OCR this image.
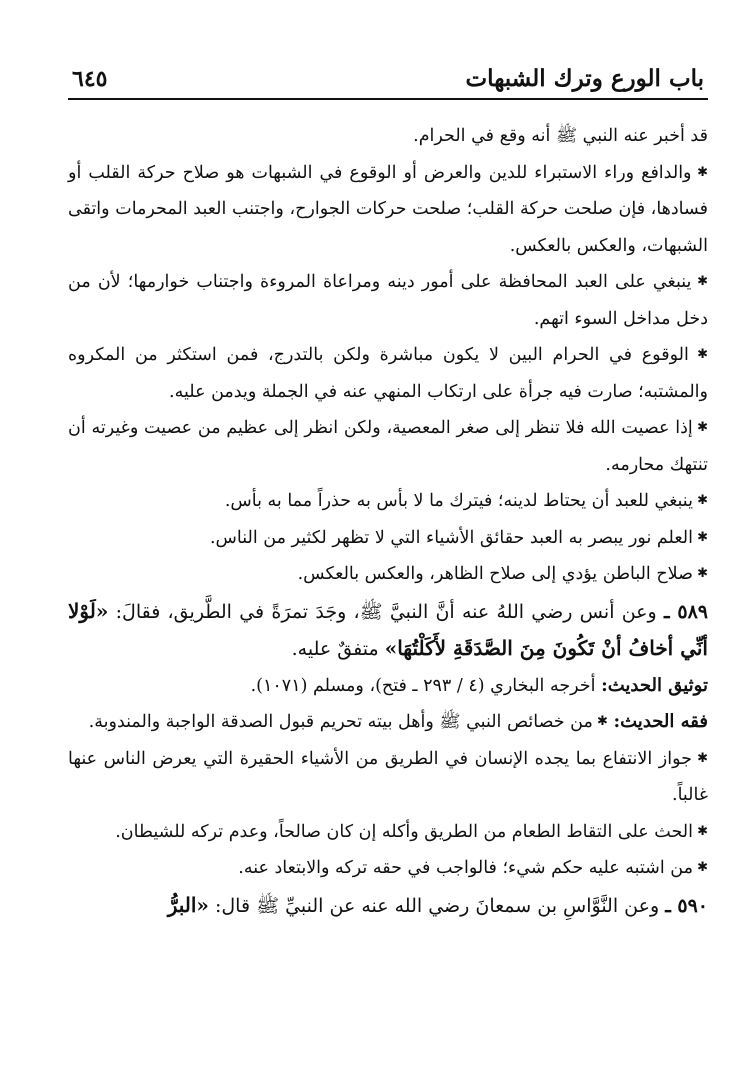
باب الورع وترك الشبهات
٦٤٥

قد أخبر عنه النبي ﷺ أنه وقع في الحرام.

✱ والدافع وراء الاستبراء للدين والعرض أو الوقوع في الشبهات هو صلاح حركة القلب أو فسادها، فإن صلحت حركة القلب؛ صلحت حركات الجوارح، واجتنب العبد المحرمات واتقى الشبهات، والعكس بالعكس.

✱ ينبغي على العبد المحافظة على أمور دينه ومراعاة المروءة واجتناب خوارمها؛ لأن من دخل مداخل السوء اتهم.

✱ الوقوع في الحرام البين لا يكون مباشرة ولكن بالتدرج، فمن استكثر من المكروه والمشتبه؛ صارت فيه جرأة على ارتكاب المنهي عنه في الجملة ويدمن عليه.

✱ إذا عصيت الله فلا تنظر إلى صغر المعصية، ولكن انظر إلى عظيم من عصيت وغيرته أن تنتهك محارمه.

✱ ينبغي للعبد أن يحتاط لدينه؛ فيترك ما لا بأس به حذراً مما به بأس.

✱ العلم نور يبصر به العبد حقائق الأشياء التي لا تظهر لكثير من الناس.

✱ صلاح الباطن يؤدي إلى صلاح الظاهر، والعكس بالعكس.

٥٨٩ ـ وعن أنس رضي اللهُ عنه أنَّ النبيَّ ﷺ، وجَدَ تمرَةً في الطَّريق، فقالَ: «لَوْلا أنِّي أخافُ أنْ تَكُونَ مِنَ الصَّدَقَةِ لأَكَلْتُهَا» متفقٌ عليه.

توثيق الحديث: أخرجه البخاري (٤ / ٢٩٣ ـ فتح)، ومسلم (١٠٧١).

فقه الحديث: ✱ من خصائص النبي ﷺ وأهل بيته تحريم قبول الصدقة الواجبة والمندوبة.

✱ جواز الانتفاع بما يجده الإنسان في الطريق من الأشياء الحقيرة التي يعرض الناس عنها غالباً.

✱ الحث على التقاط الطعام من الطريق وأكله إن كان صالحاً، وعدم تركه للشيطان.

✱ من اشتبه عليه حكم شيء؛ فالواجب في حقه تركه والابتعاد عنه.

٥٩٠ ـ وعن النَّوَّاسِ بن سمعانَ رضي الله عنه عن النبيِّ ﷺ قال: «البرُّ
